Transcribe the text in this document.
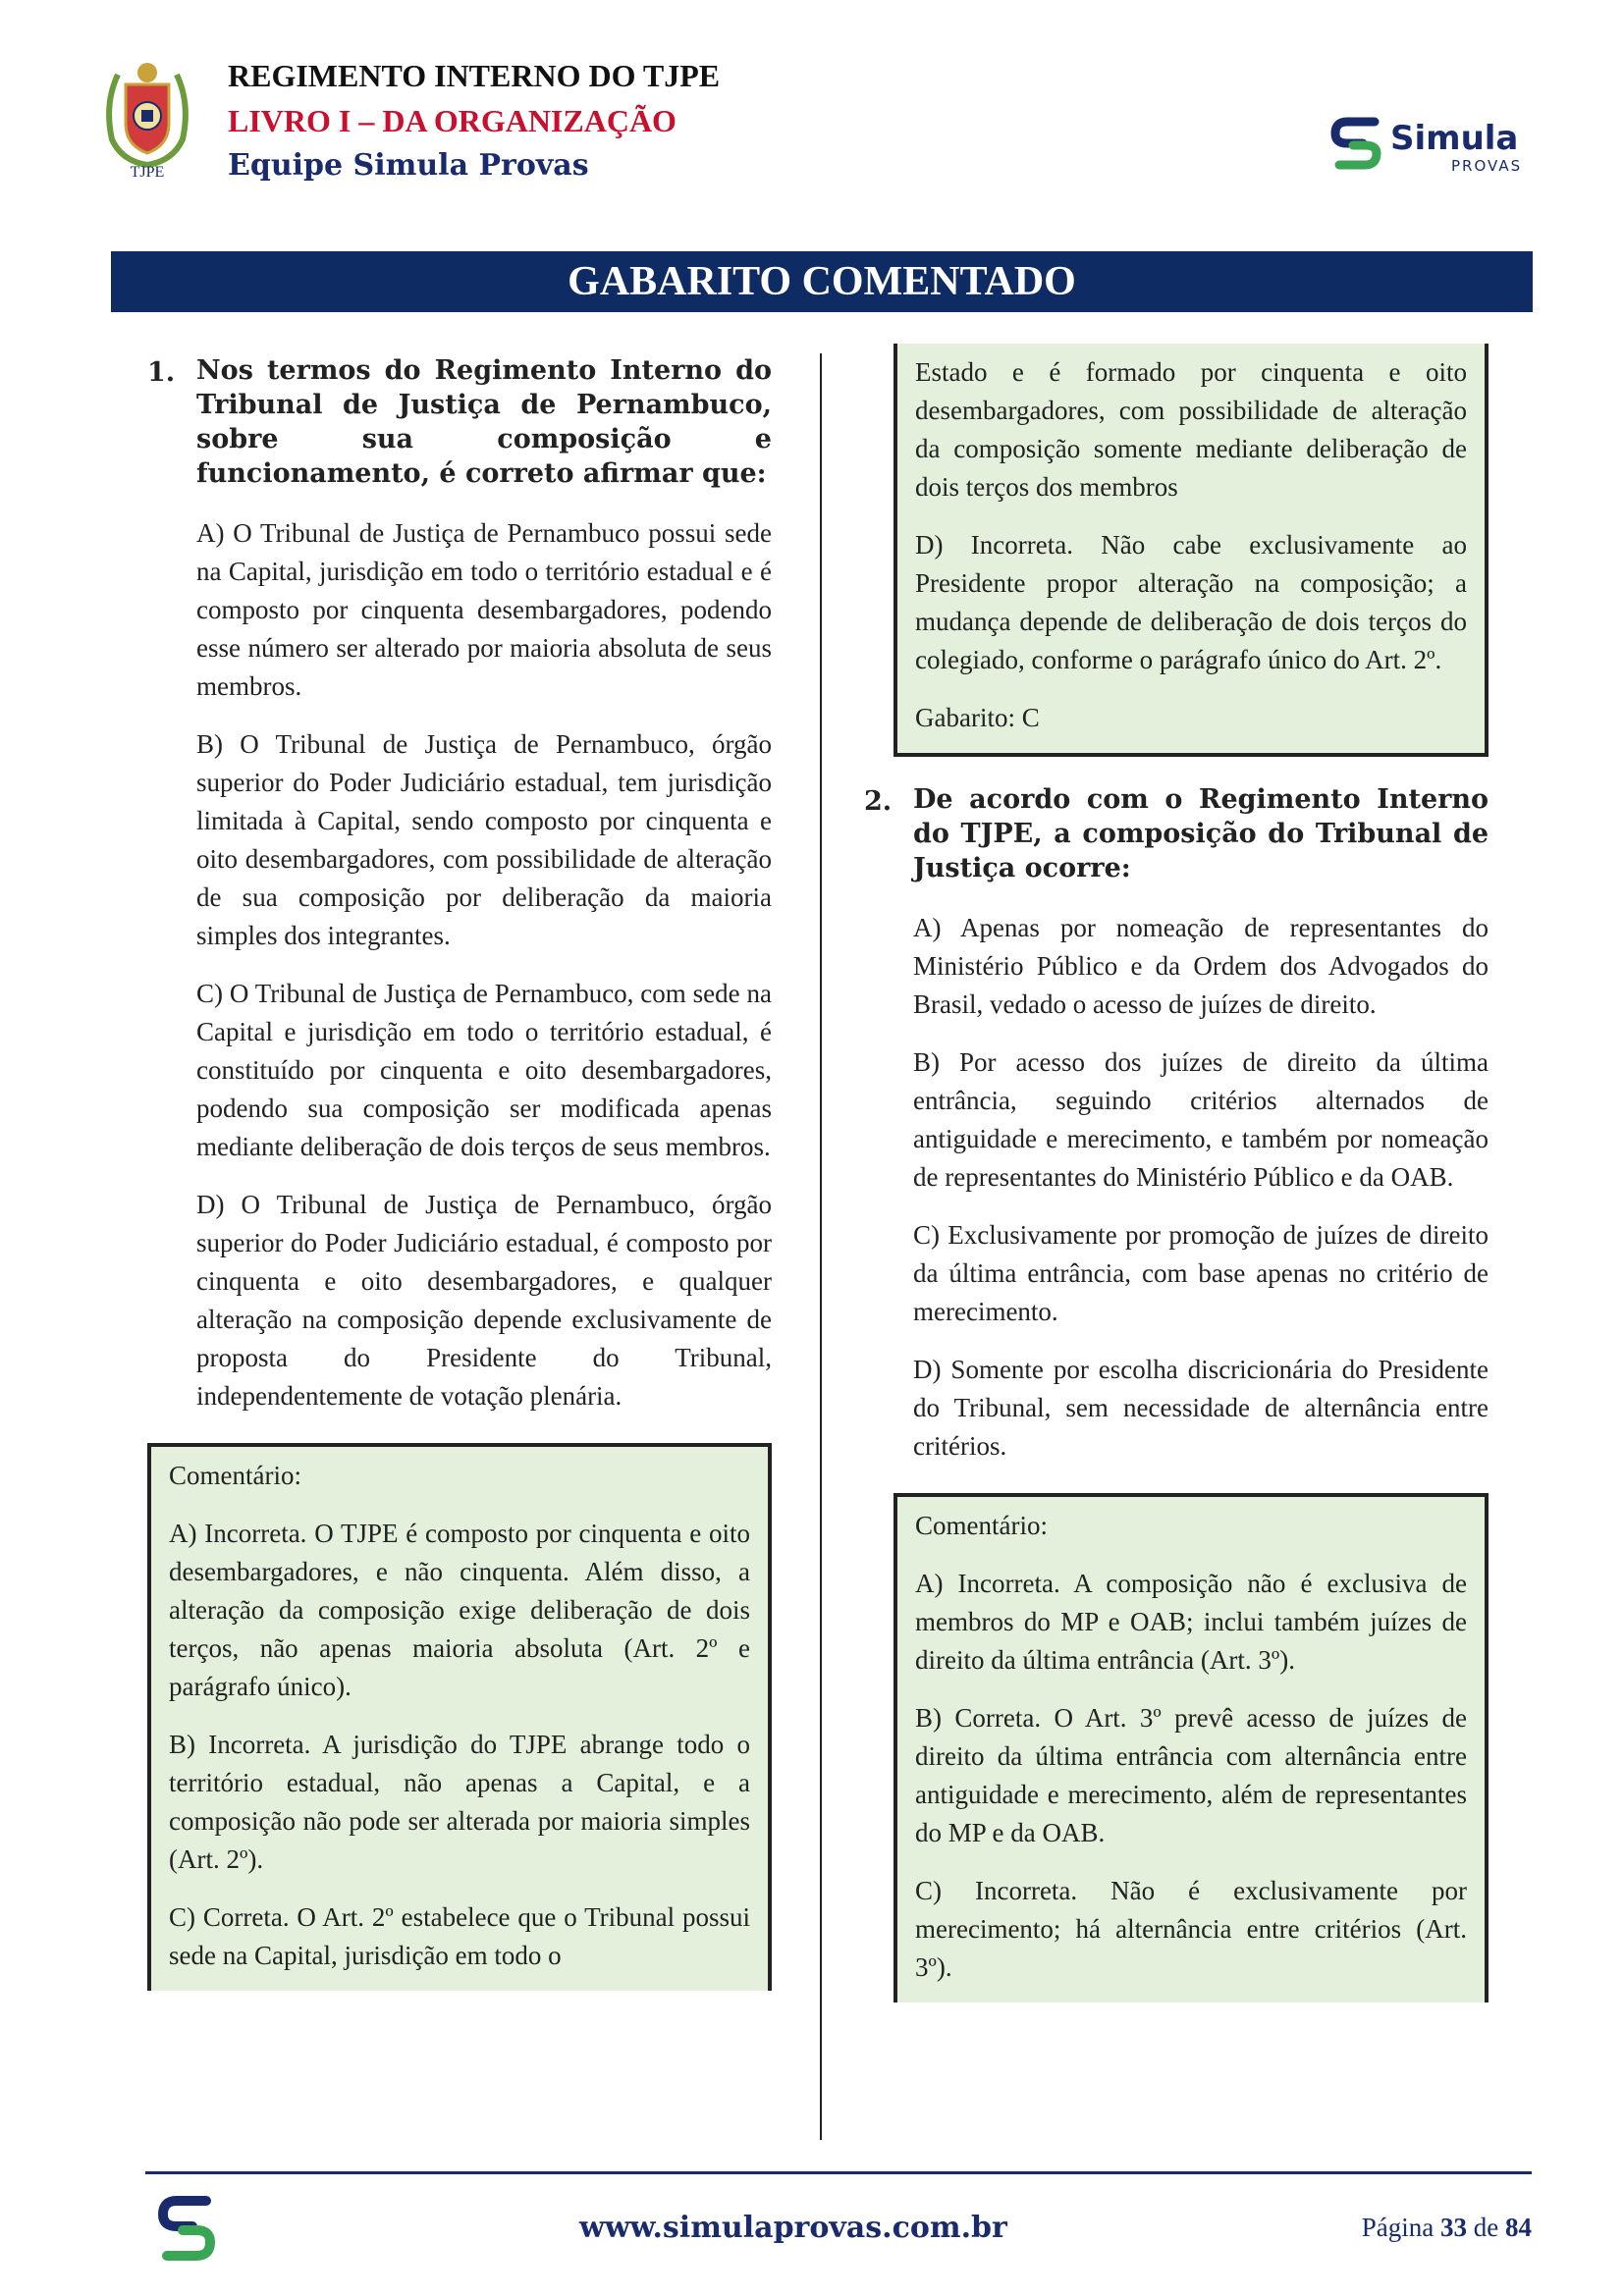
TJPE
REGIMENTO INTERNO DO TJPE
LIVRO I – DA ORGANIZAÇÃO
Equipe Simula Provas
Simula
PROVAS
GABARITO COMENTADO
1. Nos termos do Regimento Interno do Tribunal de Justiça de Pernambuco, sobre sua composição e funcionamento, é correto afirmar que:
A) O Tribunal de Justiça de Pernambuco possui sede na Capital, jurisdição em todo o território estadual e é composto por cinquenta desembargadores, podendo esse número ser alterado por maioria absoluta de seus membros.
B) O Tribunal de Justiça de Pernambuco, órgão superior do Poder Judiciário estadual, tem jurisdição limitada à Capital, sendo composto por cinquenta e oito desembargadores, com possibilidade de alteração de sua composição por deliberação da maioria simples dos integrantes.
C) O Tribunal de Justiça de Pernambuco, com sede na Capital e jurisdição em todo o território estadual, é constituído por cinquenta e oito desembargadores, podendo sua composição ser modificada apenas mediante deliberação de dois terços de seus membros.
D) O Tribunal de Justiça de Pernambuco, órgão superior do Poder Judiciário estadual, é composto por cinquenta e oito desembargadores, e qualquer alteração na composição depende exclusivamente de proposta do Presidente do Tribunal, independentemente de votação plenária.

Comentário:

A) Incorreta. O TJPE é composto por cinquenta e oito desembargadores, e não cinquenta. Além disso, a alteração da composição exige deliberação de dois terços, não apenas maioria absoluta (Art. 2º e parágrafo único).

B) Incorreta. A jurisdição do TJPE abrange todo o território estadual, não apenas a Capital, e a composição não pode ser alterada por maioria simples (Art. 2º).

C) Correta. O Art. 2º estabelece que o Tribunal possui sede na Capital, jurisdição em todo o

Estado e é formado por cinquenta e oito desembargadores, com possibilidade de alteração da composição somente mediante deliberação de dois terços dos membros

D) Incorreta. Não cabe exclusivamente ao Presidente propor alteração na composição; a mudança depende de deliberação de dois terços do colegiado, conforme o parágrafo único do Art. 2º.

Gabarito: C

2. De acordo com o Regimento Interno do TJPE, a composição do Tribunal de Justiça ocorre:
A) Apenas por nomeação de representantes do Ministério Público e da Ordem dos Advogados do Brasil, vedado o acesso de juízes de direito.
B) Por acesso dos juízes de direito da última entrância, seguindo critérios alternados de antiguidade e merecimento, e também por nomeação de representantes do Ministério Público e da OAB.
C) Exclusivamente por promoção de juízes de direito da última entrância, com base apenas no critério de merecimento.
D) Somente por escolha discricionária do Presidente do Tribunal, sem necessidade de alternância entre critérios.

Comentário:

A) Incorreta. A composição não é exclusiva de membros do MP e OAB; inclui também juízes de direito da última entrância (Art. 3º).

B) Correta. O Art. 3º prevê acesso de juízes de direito da última entrância com alternância entre antiguidade e merecimento, além de representantes do MP e da OAB.

C) Incorreta. Não é exclusivamente por merecimento; há alternância entre critérios (Art. 3º).

www.simulaprovas.com.br	Página 33 de 84
